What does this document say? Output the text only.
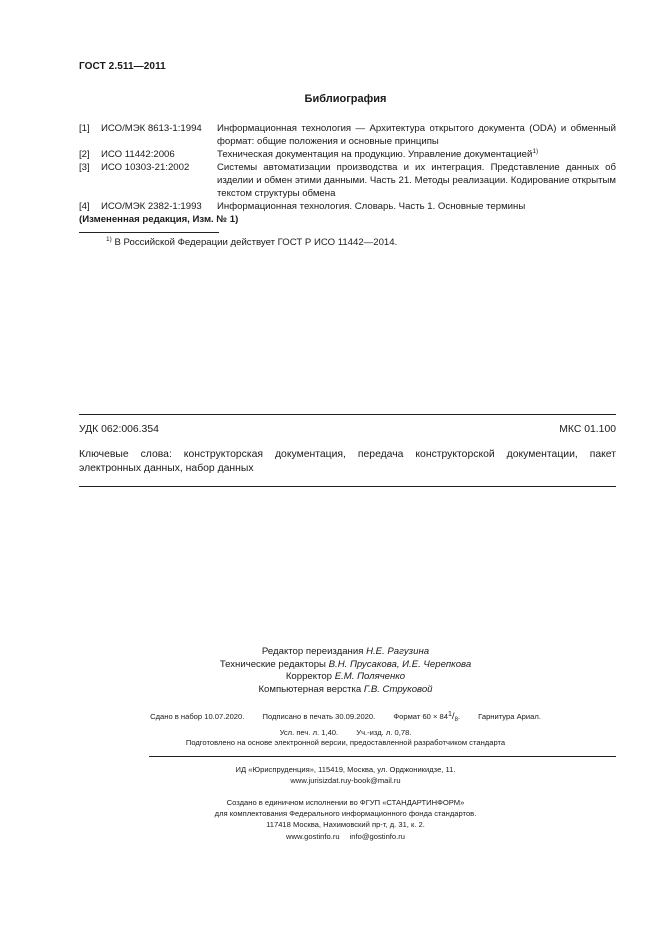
ГОСТ 2.511—2011
Библиография
[1]	ИСО/МЭК 8613-1:1994	Информационная технология — Архитектура открытого документа (ODA) и обменный формат: общие положения и основные принципы
[2]	ИСО 11442:2006	Техническая документация на продукцию. Управление документацией$^{1)}$
[3]	ИСО 10303-21:2002	Системы автоматизации производства и их интеграция. Представление данных об изделии и обмен этими данными. Часть 21. Методы реализации. Кодирование открытым текстом структуры обмена
[4]	ИСО/МЭК 2382-1:1993	Информационная технология. Словарь. Часть 1. Основные термины
(Измененная редакция, Изм. № 1)
$^{1)}$ В Российской Федерации действует ГОСТ Р ИСО 11442—2014.
УДК 062:006.354	МКС 01.100
Ключевые слова: конструкторская документация, передача конструкторской документации, пакет электронных данных, набор данных
Редактор переиздания Н.Е. Рагузина
Технические редакторы В.Н. Прусакова, И.Е. Черепкова
Корректор Е.М. Поляченко
Компьютерная верстка Г.В. Струковой
Сдано в набор 10.07.2020. Подписано в печать 30.09.2020. Формат $60 \times 84^1/_8$. Гарнитура Ариал.
Усл. печ. л. 1,40. Уч.-изд. л. 0,78.
Подготовлено на основе электронной версии, предоставленной разработчиком стандарта
ИД «Юриспруденция», 115419, Москва, ул. Орджоникидзе, 11.
www.jurisizdat.ruy-book@mail.ru
Создано в единичном исполнении во ФГУП «СТАНДАРТИНФОРМ»
для комплектования Федерального информационного фонда стандартов.
117418 Москва, Нахимовский пр-т, д. 31, к. 2.
www.gostinfo.ru info@gostinfo.ru
